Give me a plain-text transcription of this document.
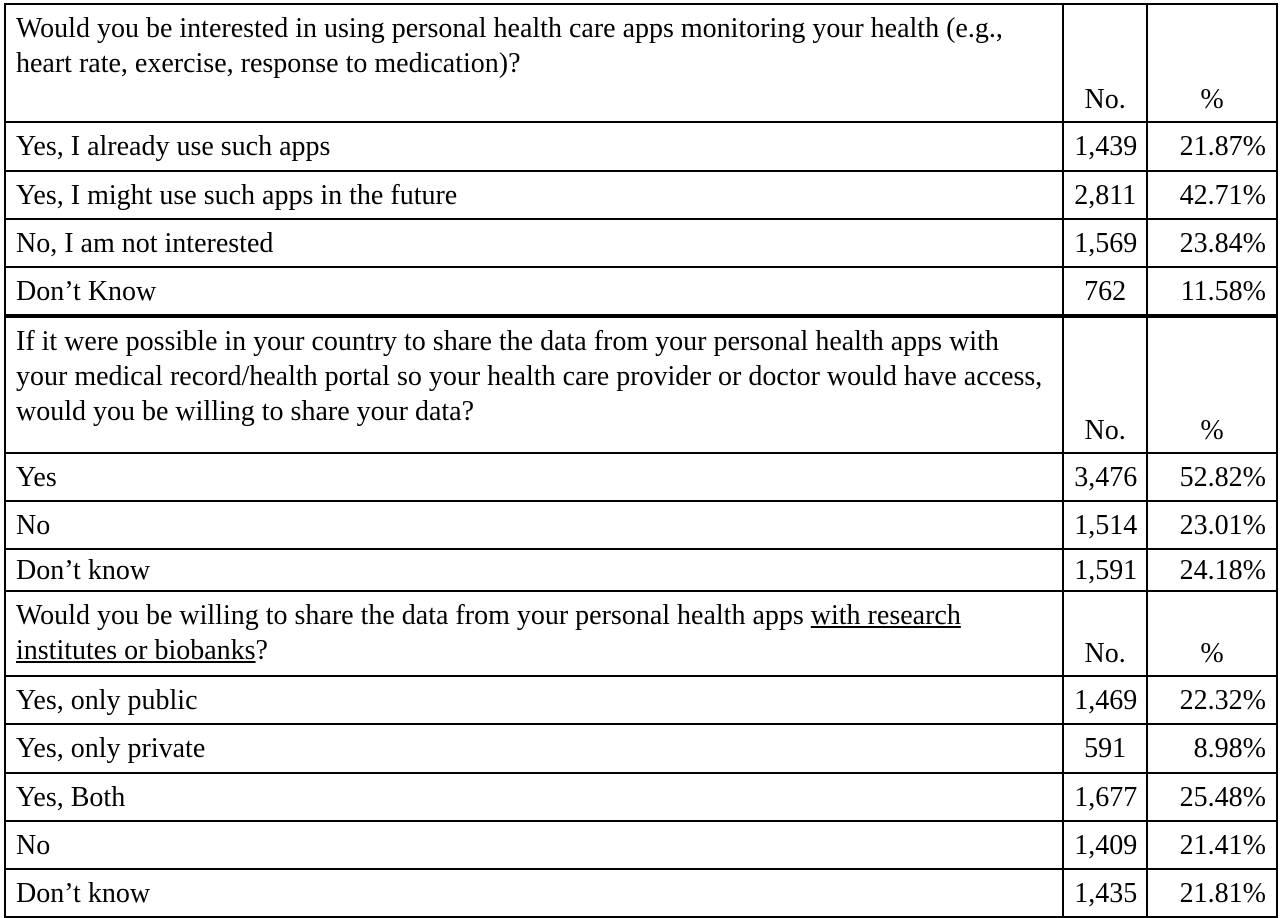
Would you be interested in using personal health care apps monitoring your health (e.g., heart rate, exercise, response to medication)?	No.	%
Yes, I already use such apps	1,439	21.87%
Yes, I might use such apps in the future	2,811	42.71%
No, I am not interested	1,569	23.84%
Don’t Know	762	11.58%
If it were possible in your country to share the data from your personal health apps with your medical record/health portal so your health care provider or doctor would have access, would you be willing to share your data?	No.	%
Yes	3,476	52.82%
No	1,514	23.01%
Don’t know	1,591	24.18%
Would you be willing to share the data from your personal health apps with research institutes or biobanks?	No.	%
Yes, only public	1,469	22.32%
Yes, only private	591	8.98%
Yes, Both	1,677	25.48%
No	1,409	21.41%
Don’t know	1,435	21.81%
